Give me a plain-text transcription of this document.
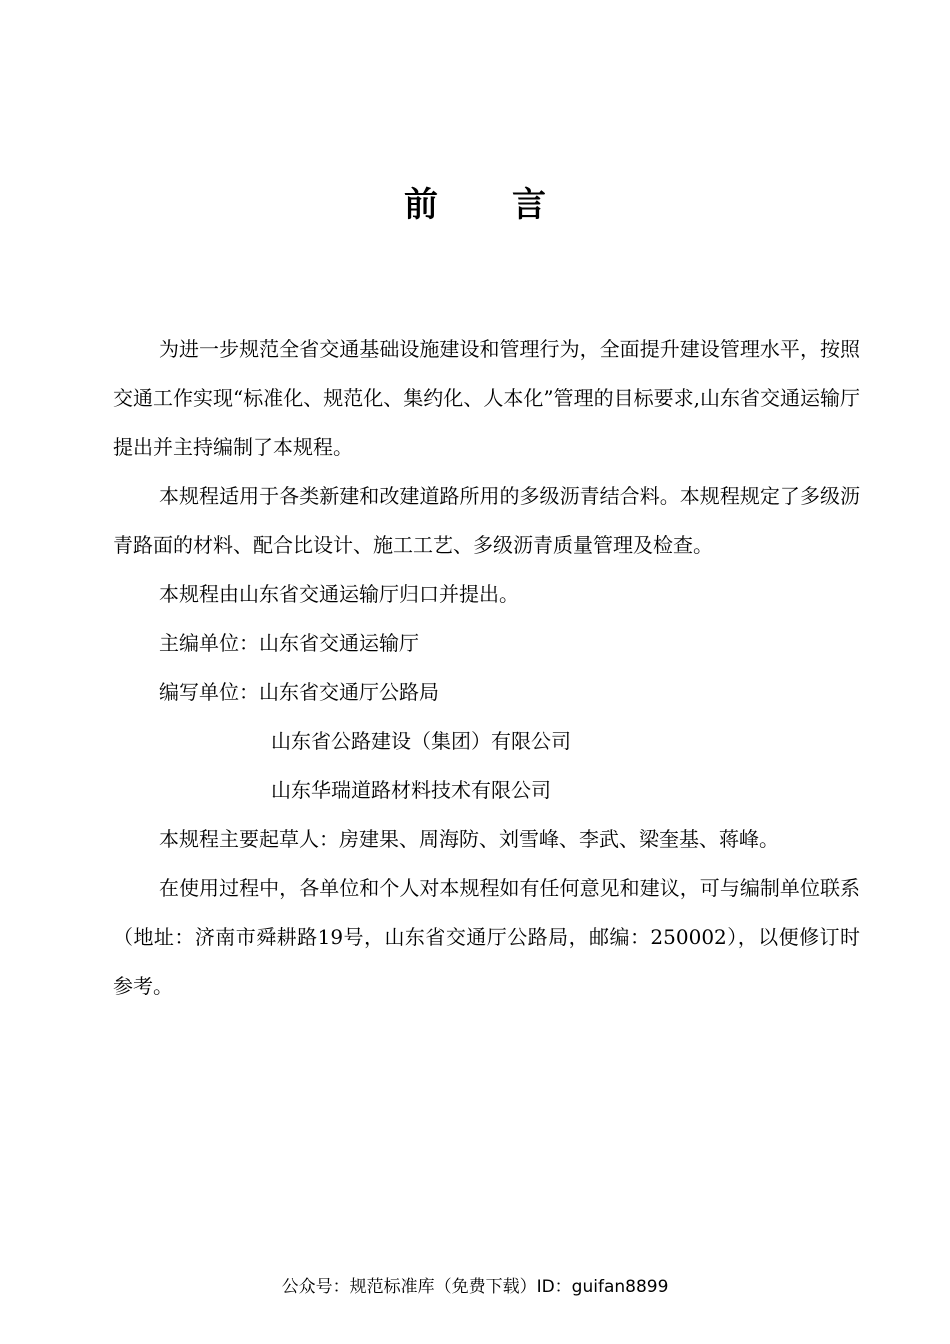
前 言

为进一步规范全省交通基础设施建设和管理行为，全面提升建设管理水平，按照交通工作实现“标准化、规范化、集约化、人本化”管理的目标要求,山东省交通运输厅提出并主持编制了本规程。

本规程适用于各类新建和改建道路所用的多级沥青结合料。本规程规定了多级沥青路面的材料、配合比设计、施工工艺、多级沥青质量管理及检查。

本规程由山东省交通运输厅归口并提出。

主编单位：山东省交通运输厅

编写单位：山东省交通厅公路局

山东省公路建设（集团）有限公司

山东华瑞道路材料技术有限公司

本规程主要起草人：房建果、周海防、刘雪峰、李武、梁奎基、蒋峰。

在使用过程中，各单位和个人对本规程如有任何意见和建议，可与编制单位联系（地址：济南市舜耕路19号，山东省交通厅公路局，邮编：250002），以便修订时参考。

公众号：规范标准库（免费下载）ID：guifan8899
